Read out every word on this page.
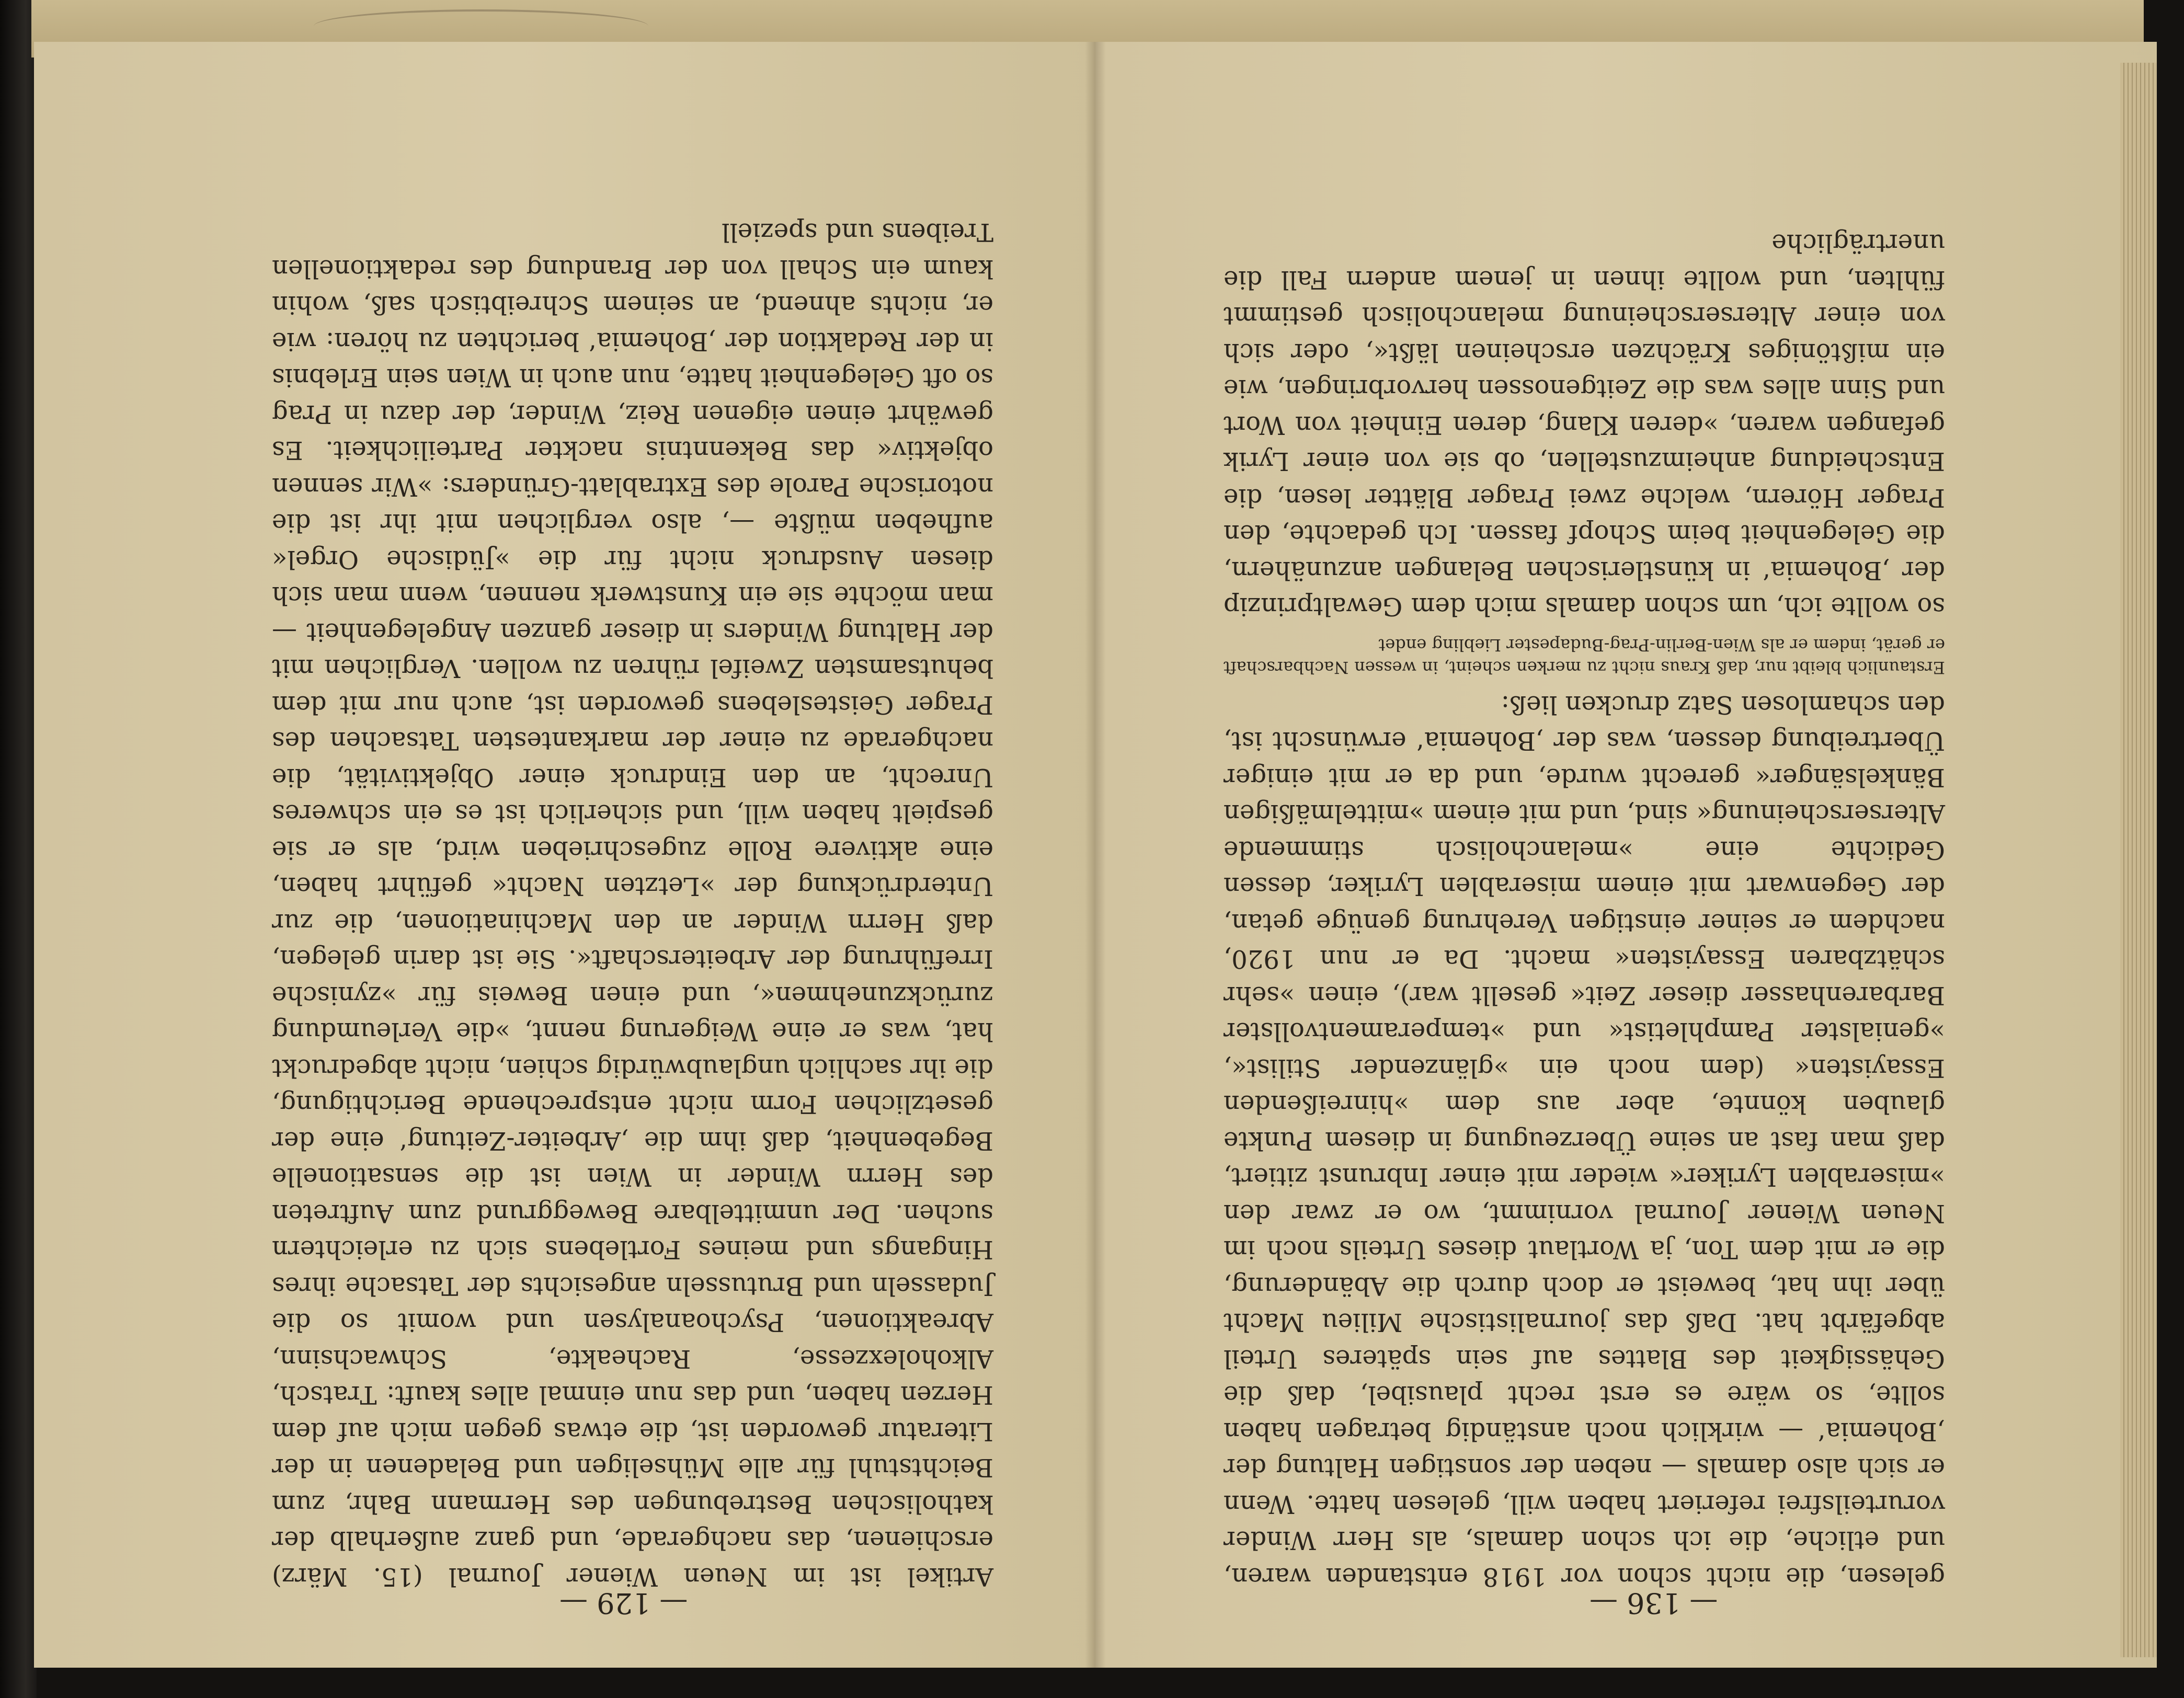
Artikel ist im Neuen Wiener Journal (15. März) erschienen, das nachgerade, und ganz außerhalb der katholischen Bestrebungen des Hermann Bahr, zum Beichtstuhl für alle Mühseligen und Beladenen in der Literatur geworden ist, die etwas gegen mich auf dem Herzen haben, und das nun einmal alles kauft: Tratsch, Alkoholexzesse, Racheakte, Schwachsinn, Abreaktionen, Psychoanalysen und womit so die Judasseln und Brutusseln angesichts der Tatsache ihres Hingangs und meines Fortlebens sich zu erleichtern suchen. Der unmittelbare Beweggrund zum Auftreten des Herrn Winder in Wien ist die sensationelle Begebenheit, daß ihm die ‚Arbeiter-Zeitung‘ eine der gesetzlichen Form nicht entsprechende Berichtigung, die ihr sachlich unglaubwürdig schien, nicht abgedruckt hat, was er eine Weigerung nennt, »die Verleumdung zurückzunehmen«, und einen Beweis für »zynische Irreführung der Arbeiterschaft«. Sie ist darin gelegen, daß Herrn Winder an den Machinationen, die zur Unterdrückung der »Letzten Nacht« geführt haben, eine aktivere Rolle zugeschrieben wird, als er sie gespielt haben will, und sicherlich ist es ein schweres Unrecht, an den Eindruck einer Objektivität, die nachgerade zu einer der markantesten Tatsachen des Prager Geisteslebens geworden ist, auch nur mit dem behutsamsten Zweifel rühren zu wollen. Verglichen mit der Haltung Winders in dieser ganzen Angelegenheit — man möchte sie ein Kunstwerk nennen, wenn man sich diesen Ausdruck nicht für die »Jüdische Orgel« aufheben müßte —, also verglichen mit ihr ist die notorische Parole des Extrablatt-Gründers: »Wir sennen objektiv« das Bekenntnis nackter Parteilichkeit. Es gewährt einen eigenen Reiz, Winder, der dazu in Prag so oft Gelegenheit hatte, nun auch in Wien sein Erlebnis in der Redaktion der ‚Bohemia‘ berichten zu hören: wie er, nichts ahnend, an seinem Schreibtisch saß, wohin kaum ein Schall von der Brandung des redaktionellen Treibens und speziell

— 129 —

gelesen, die nicht schon vor 1918 entstanden waren, und etliche, die ich schon damals, als Herr Winder vorurteilsfrei referiert haben will, gelesen hatte. Wenn er sich also damals — neben der sonstigen Haltung der ‚Bohemia‘ — wirklich noch anständig betragen haben sollte, so wäre es erst recht plausibel, daß die Gehässigkeit des Blattes auf sein späteres Urteil abgefärbt hat. Daß das journalistische Milieu Macht über ihn hat, beweist er doch durch die Abänderung, die er mit dem Ton, ja Wortlaut dieses Urteils noch im Neuen Wiener Journal vornimmt, wo er zwar den »miserablen Lyriker« wieder mit einer Inbrunst zitiert, daß man fast an seine Überzeugung in diesem Punkte glauben könnte, aber aus dem »hinreißenden Essayisten« (dem noch ein »glänzender Stilist«, »genialster Pamphletist« und »temperamentvollster Barbarenhasser dieser Zeit« gesellt war), einen »sehr schätzbaren Essayisten« macht. Da er nun 1920, nachdem er seiner einstigen Verehrung genüge getan, der Gegenwart mit einem miserablen Lyriker, dessen Gedichte eine »melancholisch stimmende Alterserscheinung« sind, und mit einem »mittelmäßigen Bänkelsänger« gerecht wurde, und da er mit einiger Übertreibung dessen, was der ‚Bohemia‘ erwünscht ist, den schamlosen Satz drucken ließ:

Erstaunlich bleibt nur, daß Kraus nicht zu merken scheint, in wessen Nachbarschaft er gerät, indem er als Wien-Berlin-Prag-Budapester Liebling endet

so wollte ich, um schon damals mich dem Gewaltprinzip der ‚Bohemia‘ in künstlerischen Belangen anzunähern, die Gelegenheit beim Schopf fassen. Ich gedachte, den Prager Hörern, welche zwei Prager Blätter lesen, die Entscheidung anheimzustellen, ob sie von einer Lyrik gefangen waren, »deren Klang, deren Einheit von Wort und Sinn alles was die Zeitgenossen hervorbringen, wie ein mißtöniges Krächzen erscheinen läßt«, oder sich von einer Alterserscheinung melancholisch gestimmt fühlten, und wollte ihnen in jenem andern Fall die unerträgliche

— 136 —
